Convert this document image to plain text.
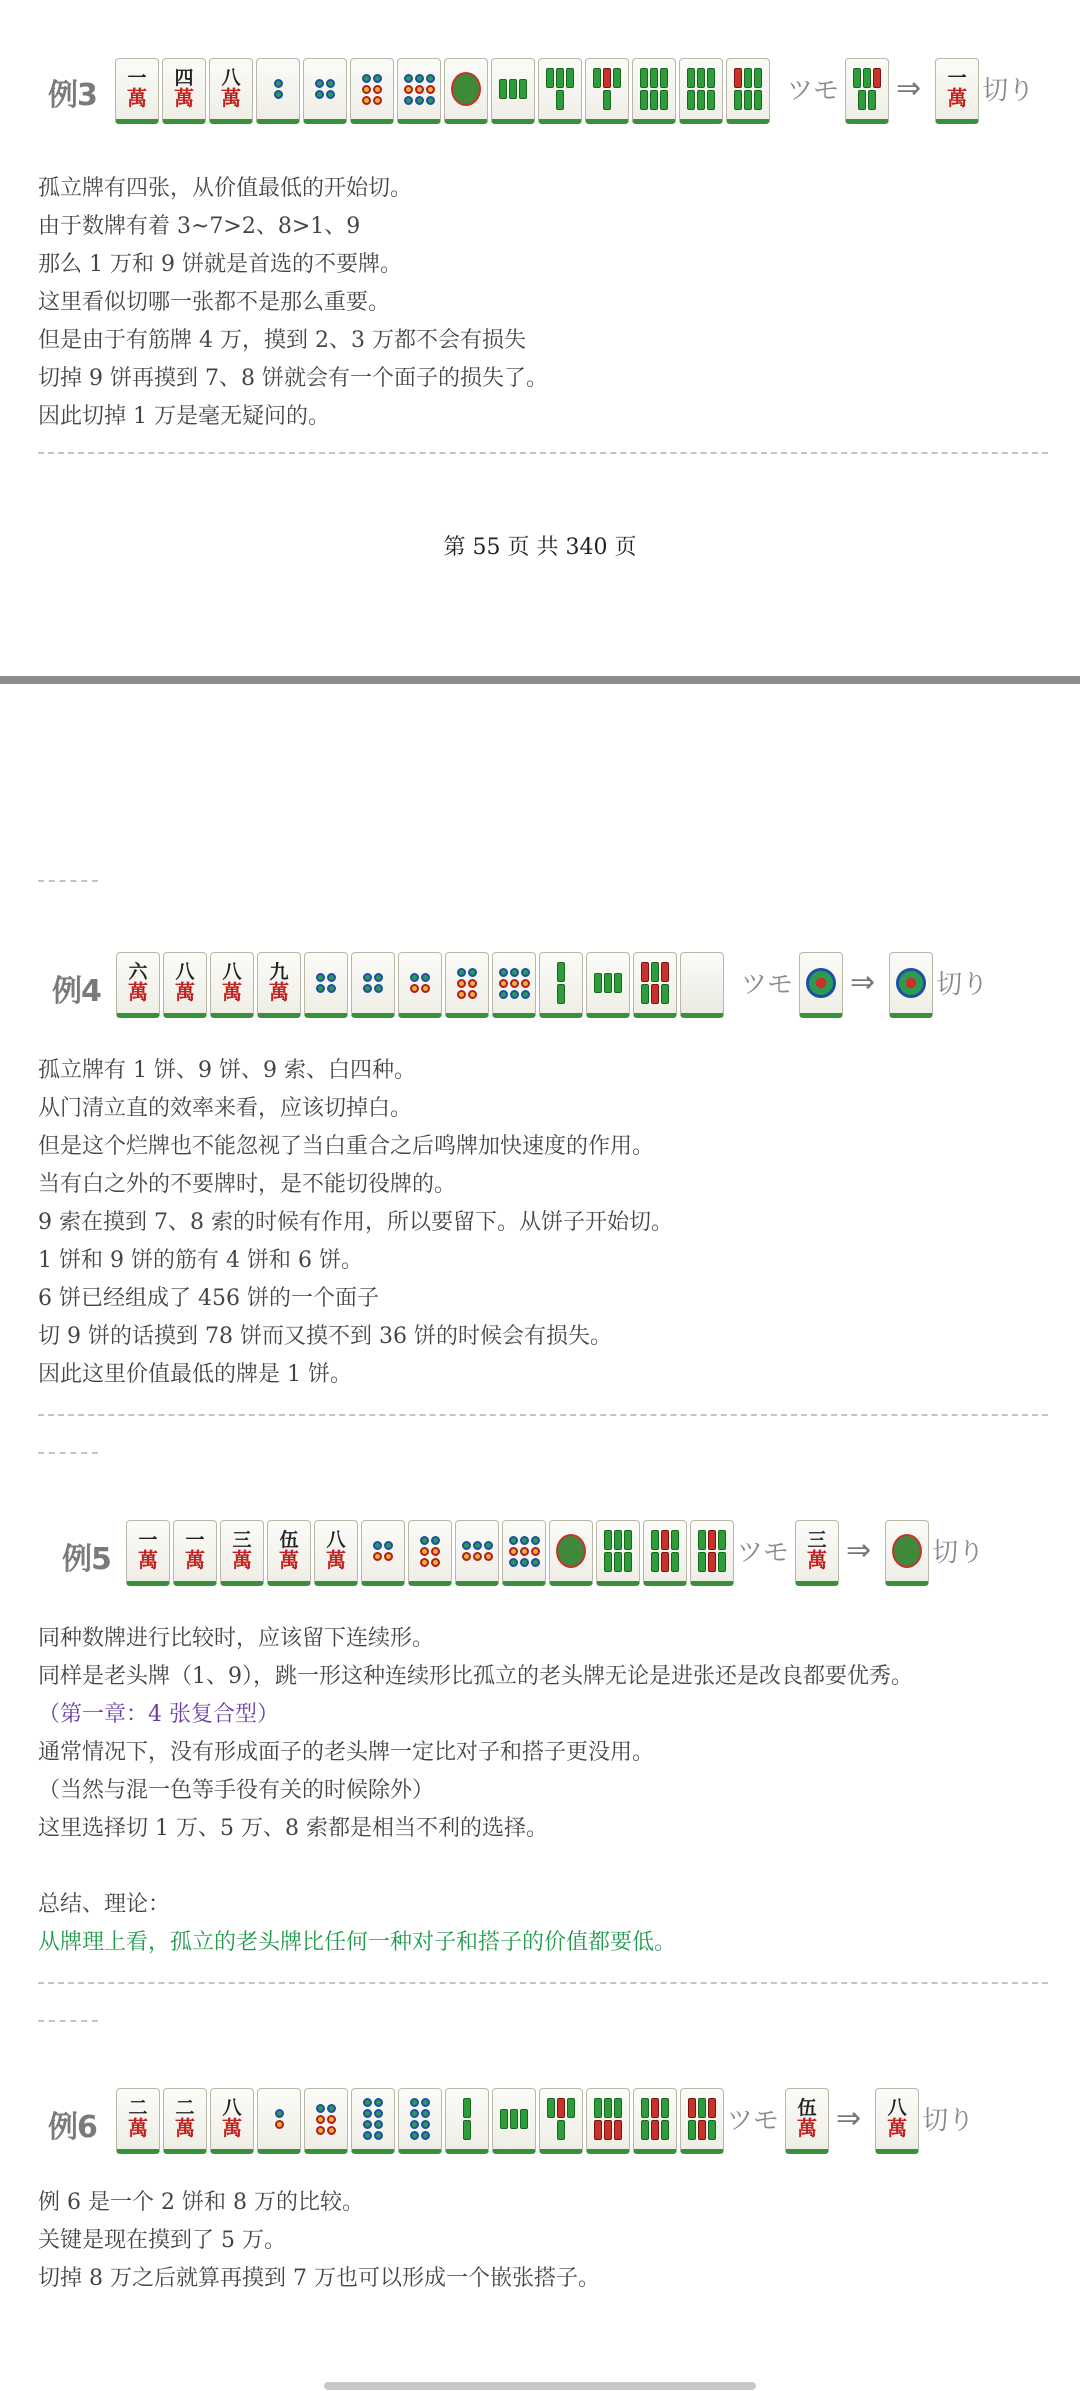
例3 一
萬
四
萬
八
萬	ツモ ⇒ 一
萬 切り
孤立牌有四张，从价值最低的开始切。
由于数牌有着 3~7>2、8>1、9
那么 1 万和 9 饼就是首选的不要牌。
这里看似切哪一张都不是那么重要。
但是由于有筋牌 4 万，摸到 2、3 万都不会有损失
切掉 9 饼再摸到 7、8 饼就会有一个面子的损失了。
因此切掉 1 万是毫无疑问的。
第 55 页 共 340 页
例4
六
萬
八
萬
八
萬
九
萬	ツモ ⇒ 切り
孤立牌有 1 饼、9 饼、9 索、白四种。
从门清立直的效率来看，应该切掉白。
但是这个烂牌也不能忽视了当白重合之后鸣牌加快速度的作用。
当有白之外的不要牌时，是不能切役牌的。
9 索在摸到 7、8 索的时候有作用，所以要留下。从饼子开始切。
1 饼和 9 饼的筋有 4 饼和 6 饼。
6 饼已经组成了 456 饼的一个面子
切 9 饼的话摸到 78 饼而又摸不到 36 饼的时候会有损失。
因此这里价值最低的牌是 1 饼。
例5
一
萬
一
萬
三
萬
伍
萬
八
萬	ツモ 三
萬 ⇒ 切り
同种数牌进行比较时，应该留下连续形。
同样是老头牌（1、9），跳一形这种连续形比孤立的老头牌无论是进张还是改良都要优秀。
（第一章：4 张复合型）
通常情况下，没有形成面子的老头牌一定比对子和搭子更没用。
（当然与混一色等手役有关的时候除外）
这里选择切 1 万、5 万、8 索都是相当不利的选择。
总结、理论：
从牌理上看，孤立的老头牌比任何一种对子和搭子的价值都要低。
例6
二
萬
二
萬
八
萬	ツモ 伍
萬 ⇒ 八
萬 切り
例 6 是一个 2 饼和 8 万的比较。
关键是现在摸到了 5 万。
切掉 8 万之后就算再摸到 7 万也可以形成一个嵌张搭子。
